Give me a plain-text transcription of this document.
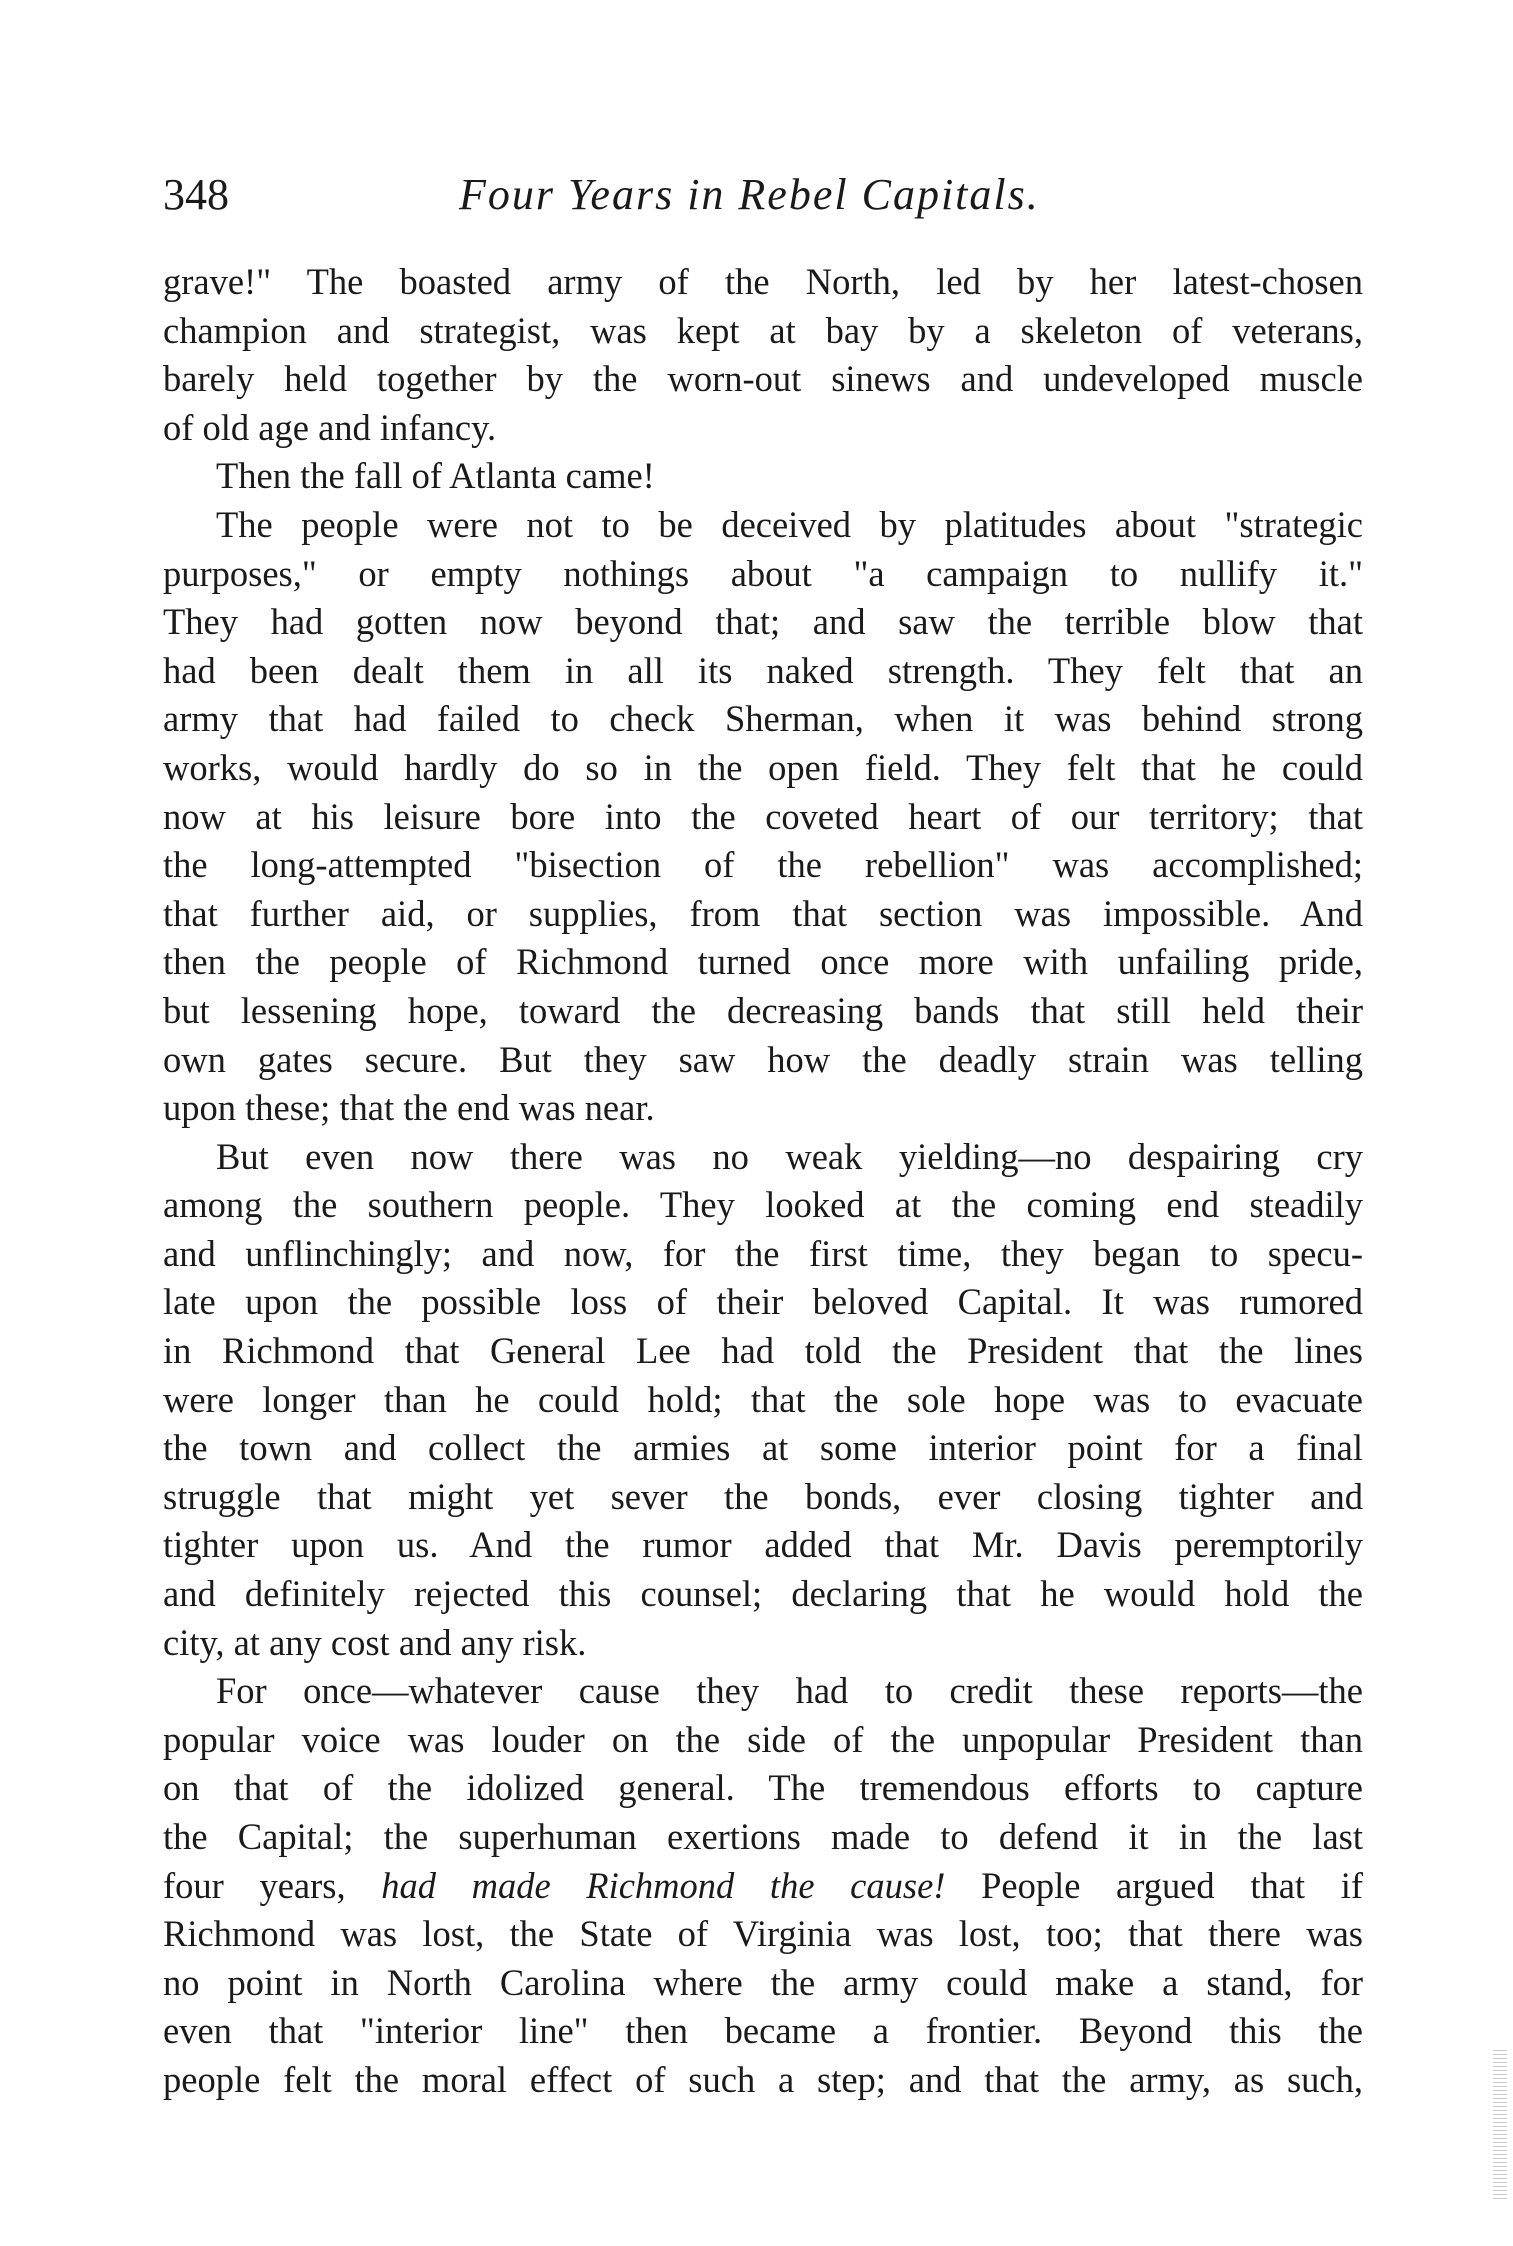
348	Four Years in Rebel Capitals.
grave!" The boasted army of the North, led by her latest-chosen
champion and strategist, was kept at bay by a skeleton of veterans,
barely held together by the worn-out sinews and undeveloped muscle
of old age and infancy.
Then the fall of Atlanta came!
The people were not to be deceived by platitudes about "strategic
purposes," or empty nothings about "a campaign to nullify it."
They had gotten now beyond that; and saw the terrible blow that
had been dealt them in all its naked strength. They felt that an
army that had failed to check Sherman, when it was behind strong
works, would hardly do so in the open field. They felt that he could
now at his leisure bore into the coveted heart of our territory; that
the long-attempted "bisection of the rebellion" was accomplished;
that further aid, or supplies, from that section was impossible. And
then the people of Richmond turned once more with unfailing pride,
but lessening hope, toward the decreasing bands that still held their
own gates secure. But they saw how the deadly strain was telling
upon these; that the end was near.
But even now there was no weak yielding—no despairing cry
among the southern people. They looked at the coming end steadily
and unflinchingly; and now, for the first time, they began to specu-
late upon the possible loss of their beloved Capital. It was rumored
in Richmond that General Lee had told the President that the lines
were longer than he could hold; that the sole hope was to evacuate
the town and collect the armies at some interior point for a final
struggle that might yet sever the bonds, ever closing tighter and
tighter upon us. And the rumor added that Mr. Davis peremptorily
and definitely rejected this counsel; declaring that he would hold the
city, at any cost and any risk.
For once—whatever cause they had to credit these reports—the
popular voice was louder on the side of the unpopular President than
on that of the idolized general. The tremendous efforts to capture
the Capital; the superhuman exertions made to defend it in the last
four years, had made Richmond the cause! People argued that if
Richmond was lost, the State of Virginia was lost, too; that there was
no point in North Carolina where the army could make a stand, for
even that "interior line" then became a frontier. Beyond this the
people felt the moral effect of such a step; and that the army, as such,
